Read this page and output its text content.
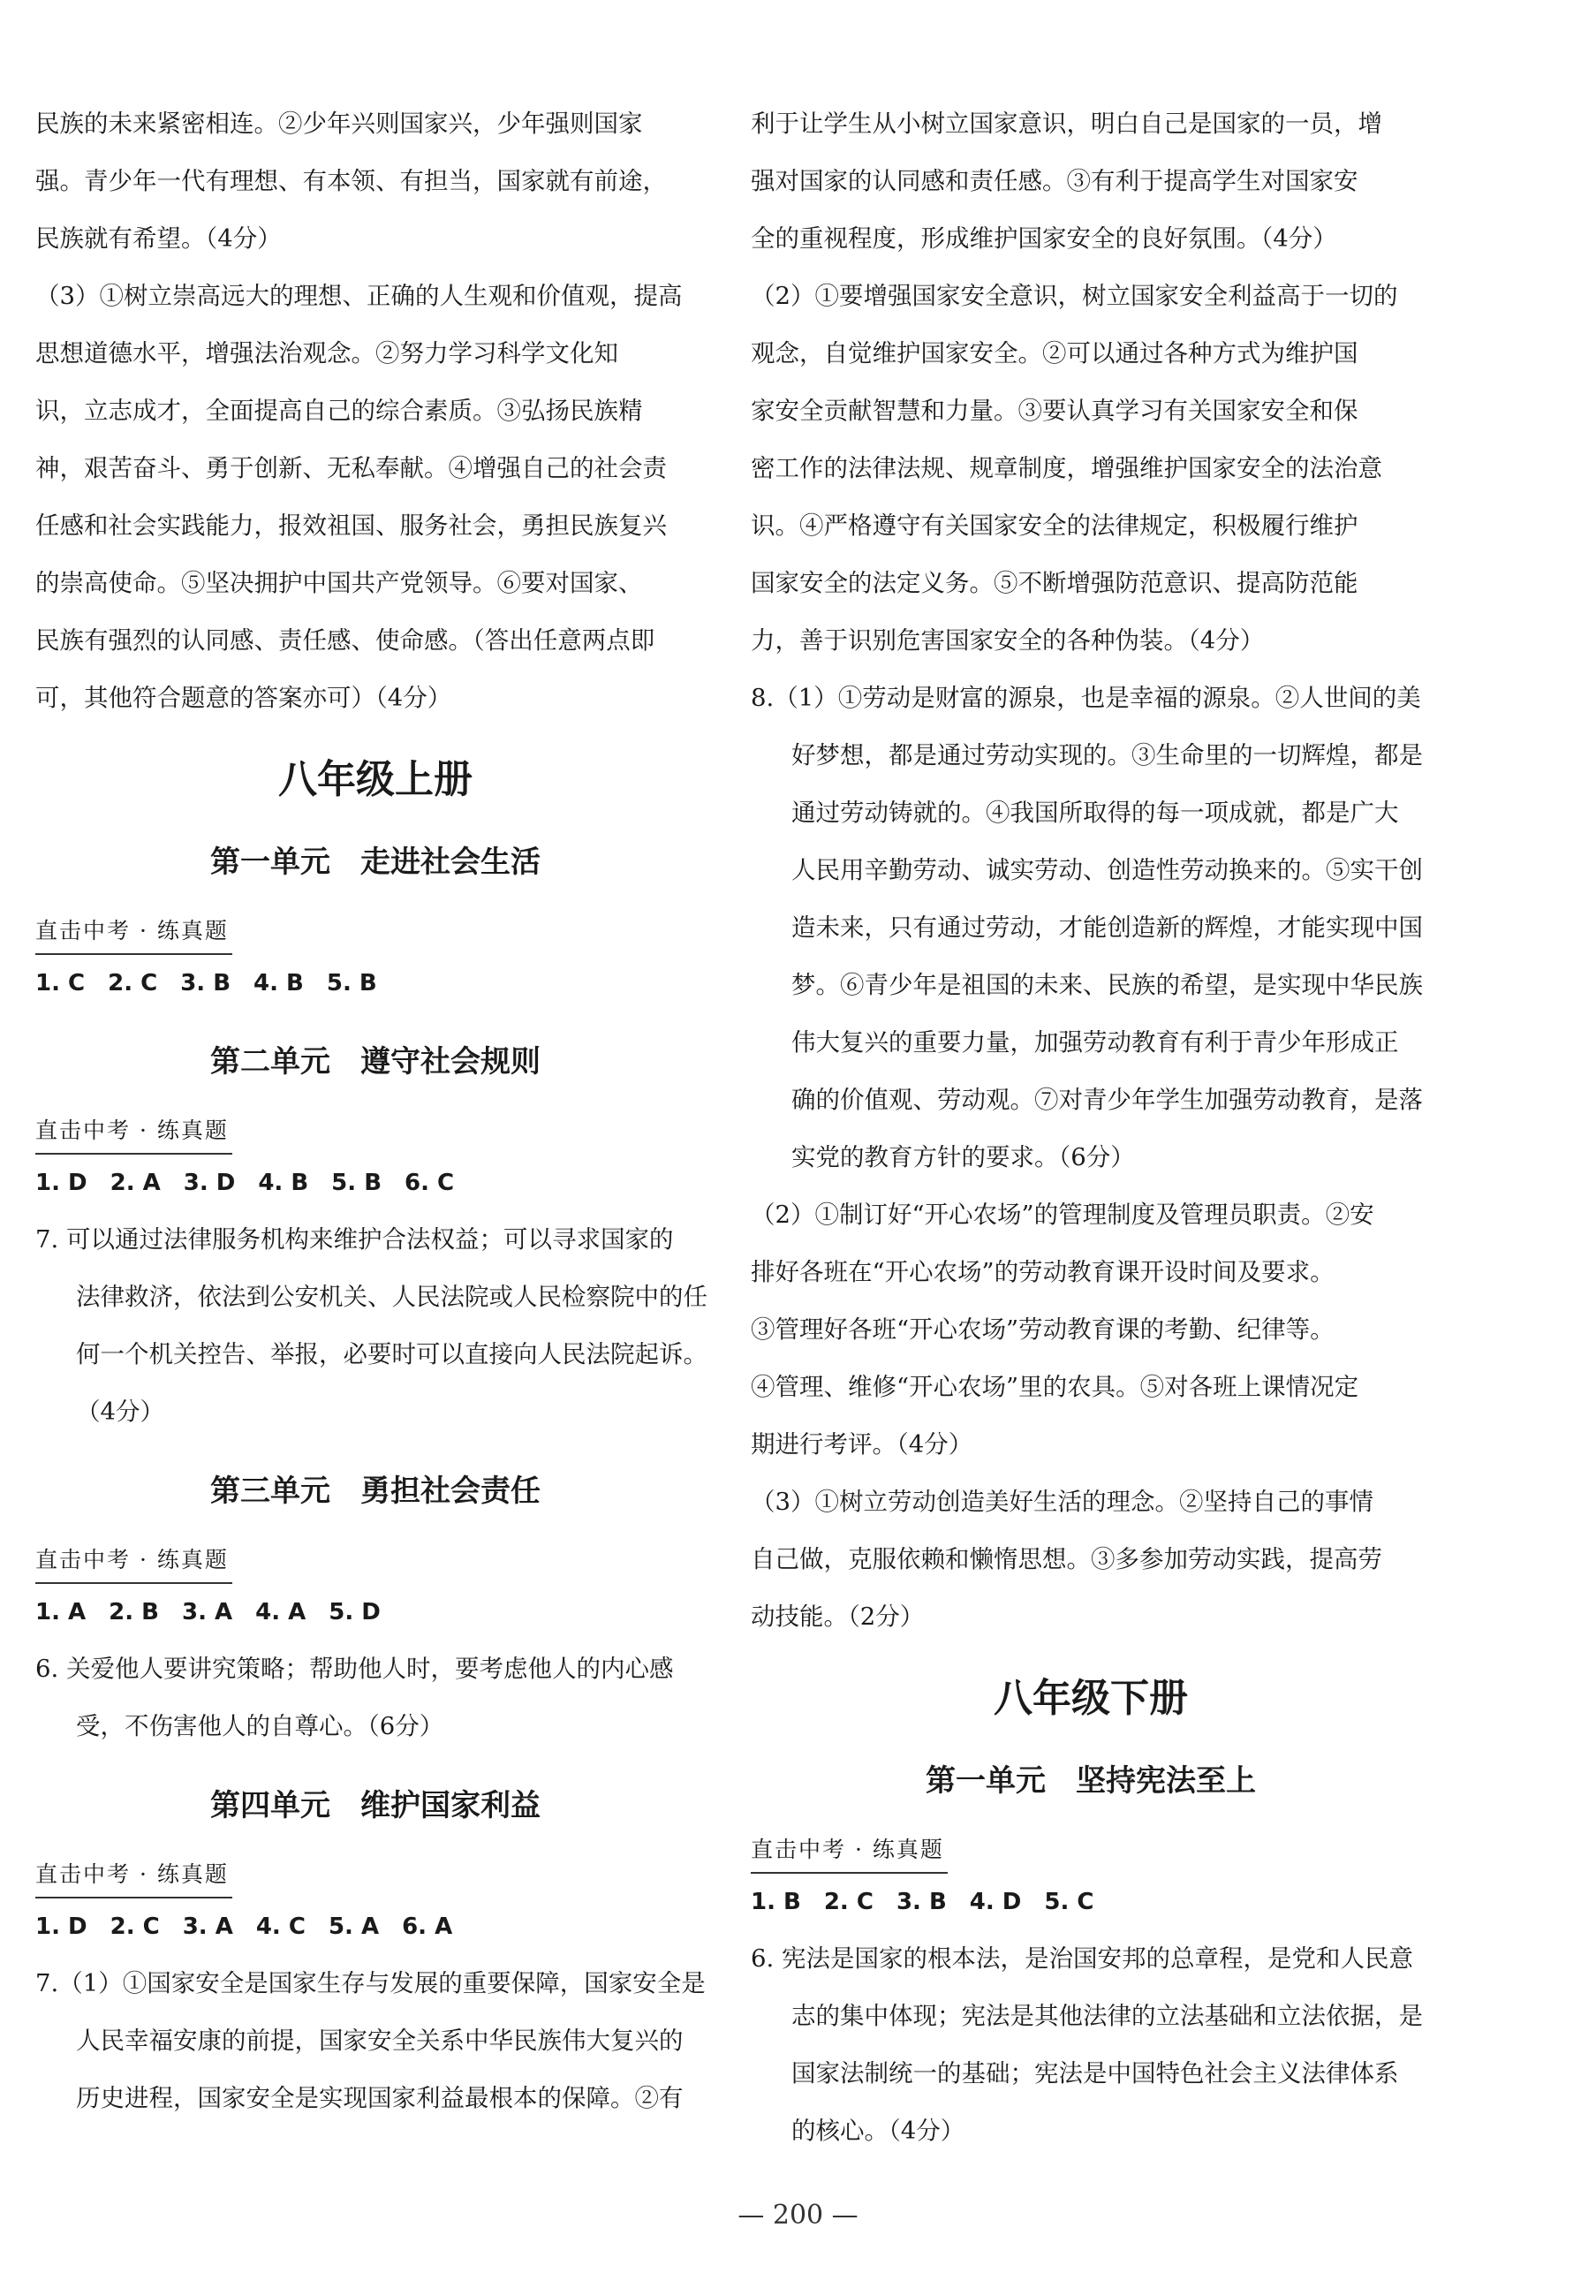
民族的未来紧密相连。②少年兴则国家兴，少年强则国家
强。青少年一代有理想、有本领、有担当，国家就有前途，
民族就有希望。（4分）

（3）①树立崇高远大的理想、正确的人生观和价值观，提高
思想道德水平，增强法治观念。②努力学习科学文化知
识，立志成才，全面提高自己的综合素质。③弘扬民族精
神，艰苦奋斗、勇于创新、无私奉献。④增强自己的社会责
任感和社会实践能力，报效祖国、服务社会，勇担民族复兴
的崇高使命。⑤坚决拥护中国共产党领导。⑥要对国家、
民族有强烈的认同感、责任感、使命感。（答出任意两点即
可，其他符合题意的答案亦可）（4分）

八年级上册
第一单元　走进社会生活
直击中考 · 练真题

1. C　2. C　3. B　4. B　5. B

第二单元　遵守社会规则
直击中考 · 练真题

1. D　2. A　3. D　4. B　5. B　6. C

7. 可以通过法律服务机构来维护合法权益；可以寻求国家的
法律救济，依法到公安机关、人民法院或人民检察院中的任
何一个机关控告、举报，必要时可以直接向人民法院起诉。
（4分）

第三单元　勇担社会责任
直击中考 · 练真题

1. A　2. B　3. A　4. A　5. D

6. 关爱他人要讲究策略；帮助他人时，要考虑他人的内心感
受，不伤害他人的自尊心。（6分）

第四单元　维护国家利益
直击中考 · 练真题

1. D　2. C　3. A　4. C　5. A　6. A

7.（1）①国家安全是国家生存与发展的重要保障，国家安全是
人民幸福安康的前提，国家安全关系中华民族伟大复兴的
历史进程，国家安全是实现国家利益最根本的保障。②有

利于让学生从小树立国家意识，明白自己是国家的一员，增
强对国家的认同感和责任感。③有利于提高学生对国家安
全的重视程度，形成维护国家安全的良好氛围。（4分）

（2）①要增强国家安全意识，树立国家安全利益高于一切的
观念，自觉维护国家安全。②可以通过各种方式为维护国
家安全贡献智慧和力量。③要认真学习有关国家安全和保
密工作的法律法规、规章制度，增强维护国家安全的法治意
识。④严格遵守有关国家安全的法律规定，积极履行维护
国家安全的法定义务。⑤不断增强防范意识、提高防范能
力，善于识别危害国家安全的各种伪装。（4分）

8.（1）①劳动是财富的源泉，也是幸福的源泉。②人世间的美
好梦想，都是通过劳动实现的。③生命里的一切辉煌，都是
通过劳动铸就的。④我国所取得的每一项成就，都是广大
人民用辛勤劳动、诚实劳动、创造性劳动换来的。⑤实干创
造未来，只有通过劳动，才能创造新的辉煌，才能实现中国
梦。⑥青少年是祖国的未来、民族的希望，是实现中华民族
伟大复兴的重要力量，加强劳动教育有利于青少年形成正
确的价值观、劳动观。⑦对青少年学生加强劳动教育，是落
实党的教育方针的要求。（6分）

（2）①制订好“开心农场”的管理制度及管理员职责。②安
排好各班在“开心农场”的劳动教育课开设时间及要求。
③管理好各班“开心农场”劳动教育课的考勤、纪律等。
④管理、维修“开心农场”里的农具。⑤对各班上课情况定
期进行考评。（4分）

（3）①树立劳动创造美好生活的理念。②坚持自己的事情
自己做，克服依赖和懒惰思想。③多参加劳动实践，提高劳
动技能。（2分）

八年级下册
第一单元　坚持宪法至上
直击中考 · 练真题

1. B　2. C　3. B　4. D　5. C

6. 宪法是国家的根本法，是治国安邦的总章程，是党和人民意
志的集中体现；宪法是其他法律的立法基础和立法依据，是
国家法制统一的基础；宪法是中国特色社会主义法律体系
的核心。（4分）

— 200 —
